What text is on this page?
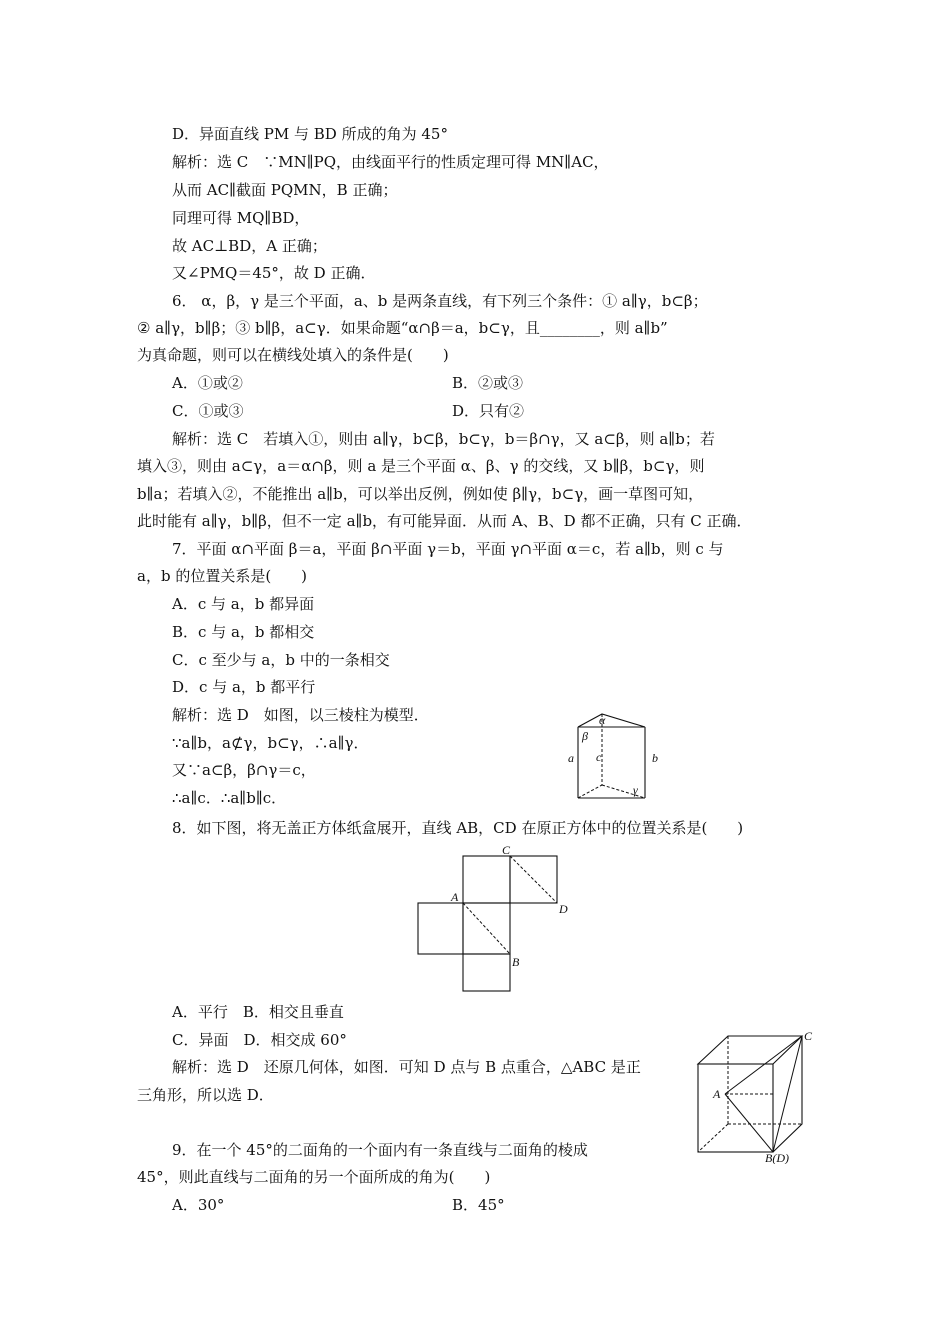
D．异面直线 PM 与 BD 所成的角为 45°
解析：选 C　∵MN∥PQ，由线面平行的性质定理可得 MN∥AC，
从而 AC∥截面 PQMN，B 正确；
同理可得 MQ∥BD，
故 AC⊥BD，A 正确；
又∠PMQ＝45°，故 D 正确．
6． α，β，γ 是三个平面，a、b 是两条直线，有下列三个条件：① a∥γ，b⊂β；
② a∥γ，b∥β；③ b∥β，a⊂γ．如果命题“α∩β＝a，b⊂γ，且________，则 a∥b”
为真命题，则可以在横线处填入的条件是(　　)
A．①或②	B．②或③
C．①或③	D．只有②
解析：选 C　若填入①，则由 a∥γ，b⊂β，b⊂γ，b＝β∩γ，又 a⊂β，则 a∥b；若
填入③，则由 a⊂γ，a＝α∩β，则 a 是三个平面 α、β、γ 的交线，又 b∥β，b⊂γ，则
b∥a；若填入②，不能推出 a∥b，可以举出反例，例如使 β∥γ，b⊂γ，画一草图可知，
此时能有 a∥γ，b∥β，但不一定 a∥b，有可能异面．从而 A、B、D 都不正确，只有 C 正确．
7．平面 α∩平面 β＝a，平面 β∩平面 γ＝b，平面 γ∩平面 α＝c，若 a∥b，则 c 与
a，b 的位置关系是(　　)
A．c 与 a，b 都异面
B．c 与 a，b 都相交
C．c 至少与 a，b 中的一条相交
D．c 与 a，b 都平行
解析：选 D　如图，以三棱柱为模型．
∵a∥b，a⊄γ，b⊂γ，∴a∥γ．
又∵a⊂β，β∩γ＝c，
∴a∥c．∴a∥b∥c．
α
β
γ
a	b
c
8．如下图，将无盖正方体纸盒展开，直线 AB，CD 在原正方体中的位置关系是(　　)
A
B
C
D
A．平行　B．相交且垂直
C．异面　D．相交成 60°
解析：选 D　还原几何体，如图．可知 D 点与 B 点重合，△ABC 是正
三角形，所以选 D．	A
C
B(D)
9．在一个 45°的二面角的一个面内有一条直线与二面角的棱成
45°，则此直线与二面角的另一个面所成的角为(　　)
A．30°	B．45°
